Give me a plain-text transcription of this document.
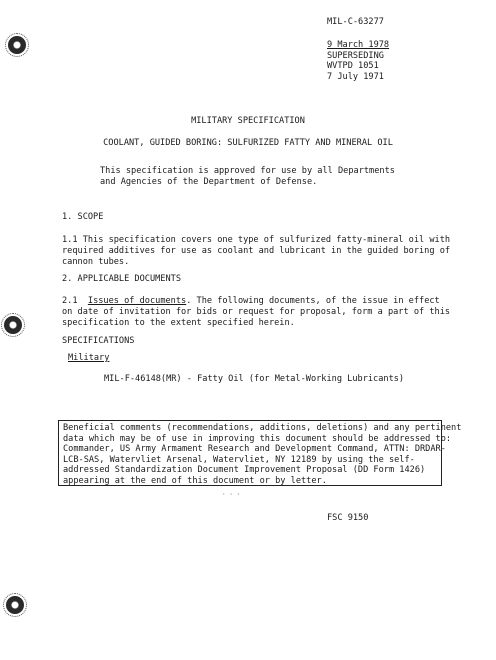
MIL-C-63277
9 March 1978
SUPERSEDING
WVTPD 1051
7 July 1971
MILITARY SPECIFICATION
COOLANT, GUIDED BORING: SULFURIZED FATTY AND MINERAL OIL
This specification is approved for use by all Departments
and Agencies of the Department of Defense.
1. SCOPE
1.1 This specification covers one type of sulfurized fatty-mineral oil with
required additives for use as coolant and lubricant in the guided boring of
cannon tubes.
2. APPLICABLE DOCUMENTS
2.1 Issues of documents. The following documents, of the issue in effect
on date of invitation for bids or request for proposal, form a part of this
specification to the extent specified herein.
SPECIFICATIONS
Military
MIL-F-46148(MR) - Fatty Oil (for Metal-Working Lubricants)
Beneficial comments (recommendations, additions, deletions) and any pertinent
data which may be of use in improving this document should be addressed to:
Commander, US Army Armament Research and Development Command, ATTN: DRDAR-
LCB-SAS, Watervliet Arsenal, Watervliet, NY 12189 by using the self-
addressed Standardization Document Improvement Proposal (DD Form 1426)
appearing at the end of this document or by letter.
· · ·
FSC 9150
